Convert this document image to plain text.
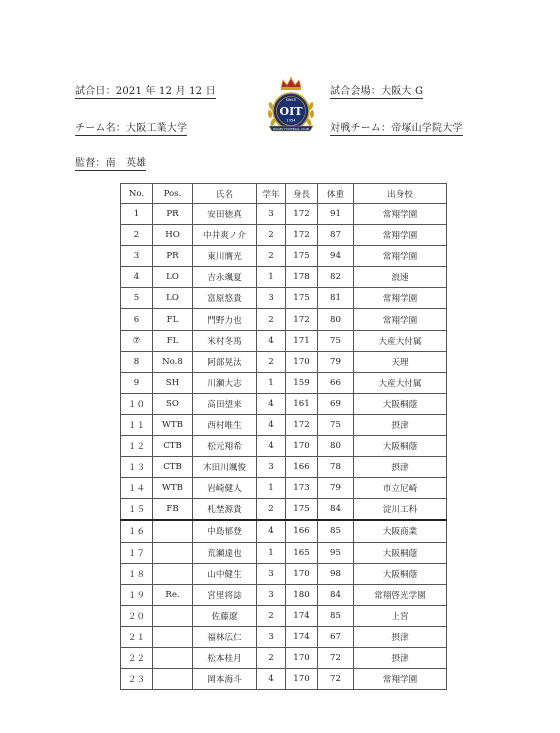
試合日：2021 年 12 月 12 日	試合会場：大阪大 G
チーム名：大阪工業大学	対戦チーム：帝塚山学院大学
監督：南　英雄
SINCE
OIT
1954
RUGBY FOOTBALL CLUB
No.	Pos.	氏名	学年	身長	体重	出身校
1	PR	安田徳真	3	172	91	常翔学園
2	HO	中井爽ノ介	2	172	87	常翔学園
3	PR	東川膺光	2	175	94	常翔学園
4	LO	吉永颯夏	1	178	82	浪速
5	LO	富原悠貴	3	175	81	常翔学園
6	FL	門野力也	2	172	80	常翔学園
⑦	FL	米村冬馬	4	171	75	大産大付属
8	No.8	阿部晃汰	2	170	79	天理
9	SH	川瀬大志	1	159	66	大産大付属
１０	SO	高田望来	4	161	69	大阪桐蔭
１１	WTB	西村唯生	4	172	75	摂津
１２	CTB	松元翔希	4	170	80	大阪桐蔭
１３	CTB	木田川颯俊	3	166	78	摂津
１４	WTB	岩崎健人	1	173	79	市立尼崎
１５	FB	札埜源貴	2	175	84	淀川工科
１６		中島郁登	4	166	85	大阪商業
１７		荒瀬達也	1	165	95	大阪桐蔭
１８		山中健生	3	170	98	大阪桐蔭
１９	Re.	宮里将誌	3	180	84	常翔啓光学園
２０		佐藤遼	2	174	85	上宮
２１		福林広仁	3	174	67	摂津
２２		松本桂月	2	170	72	摂津
２３		岡本海斗	4	170	72	常翔学園
